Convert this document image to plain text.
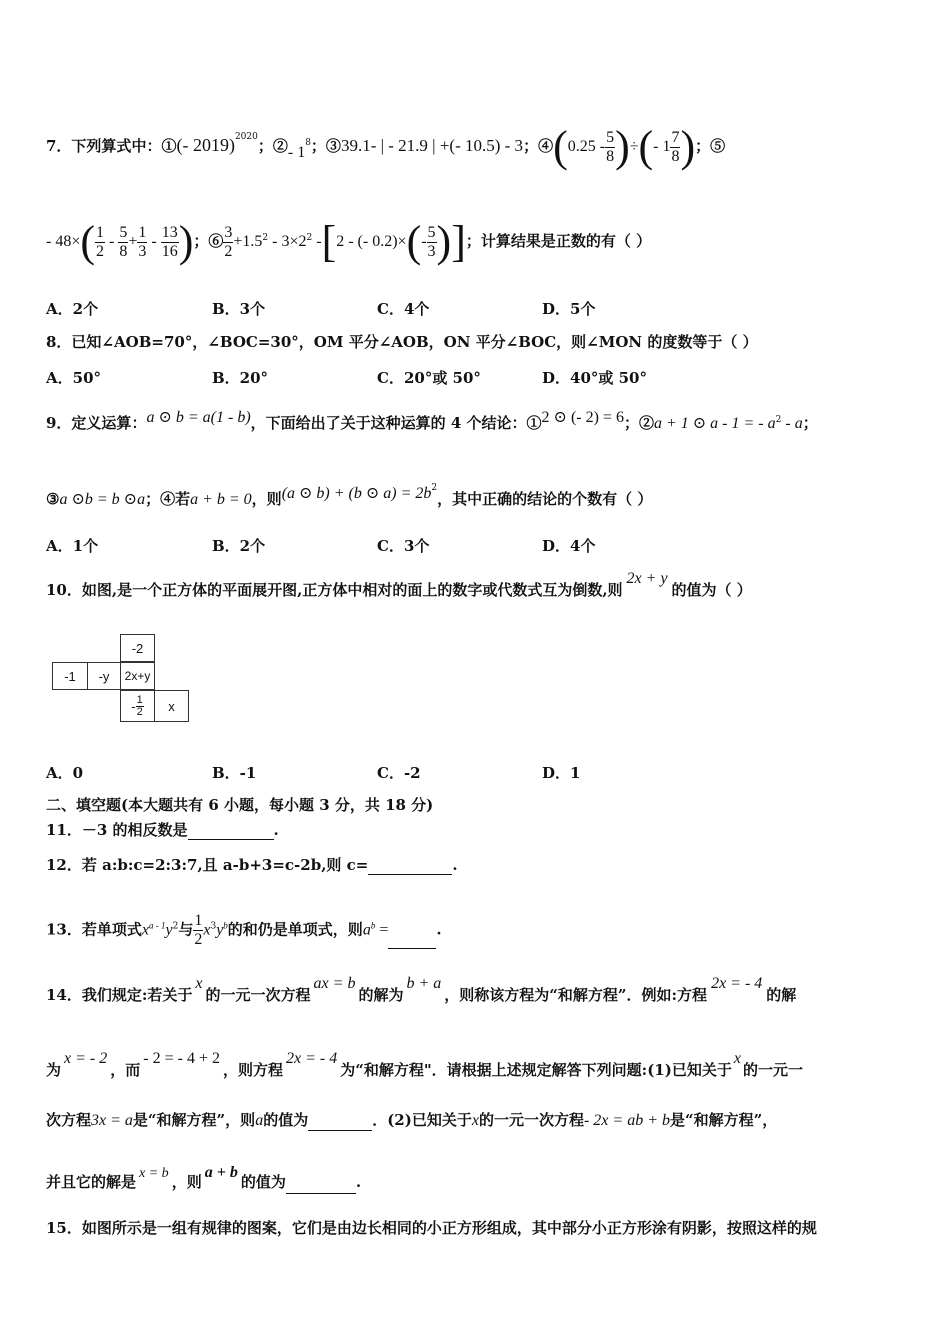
7．下列算式中：①(- 2019)$^{2020}$；②- $1^8$；③39.1- | - 21.9 | +(- 10.5) - 3；④(0.25 - $\frac{5}{8}$ )÷(- $1 \frac{7}{8}$ )；⑤
- $48\times( \frac{1}{2} - \frac{5}{8} + \frac{1}{3} - \frac{13}{16}$ )；⑥ $\frac{3}{2} +1.5^2 - 3\times 2^2$ -[2 - (- $0.2)\times(- \frac{5}{3}$ )]；计算结果是正数的有（ ）
A．2个	B．3个	C．4个	D．5个
8．已知∠AOB=70°，∠BOC=30°，OM 平分∠AOB，ON 平分∠BOC，则∠MON 的度数等于（ ）
A．50°	B．20°	C．20°或 50°	D．40°或 50°
9．定义运算：a ⊙ b = a(1 - b)，下面给出了关于这种运算的 4 个结论：①2 ⊙ (- 2) = 6；②a + 1 ⊙ a - 1 = - $a^2$ - a；
③a ⊙b = b ⊙a；④若a + b = 0，则(a ⊙ b) + (b ⊙ $a) = 2b^2$，其中正确的结论的个数有（ ）
A．1个	B．2个	C．3个	D．4个
10．如图,是一个正方体的平面展开图,正方体中相对的面上的数字或代数式互为倒数,则2x + y的值为（ ）
-2
-1	-y	2x+y
- $\frac{1}{2}$	x
A．0	B．-1	C．-2	D．1
二、填空题(本大题共有 6 小题，每小题 3 分，共 18 分)
11．－3 的相反数是	.
12．若 a:b:c=2:3:7,且 a-b+3=c-2b,则 c=	.
13．若单项式$x^{a - 1}y^2$与 $\frac{1}{2} x^3y^b$的和仍是单项式，则$a^b$ =	.
14．我们规定:若关于x的一元一次方程ax = b的解为b + a，则称该方程为“和解方程”．例如:方程2x = - 4的解
为x = - 2，而- 2 = - 4 + 2，则方程2x = - 4为“和解方程"．请根据上述规定解答下列问题:(1)已知关于x的一元一
次方程3x = a是“和解方程”，则a的值为	．(2)已知关于x的一元一次方程- 2x = ab + b是“和解方程”，
并且它的解是 x = b ，则a + b的值为	.
15．如图所示是一组有规律的图案，它们是由边长相同的小正方形组成，其中部分小正方形涂有阴影，按照这样的规
